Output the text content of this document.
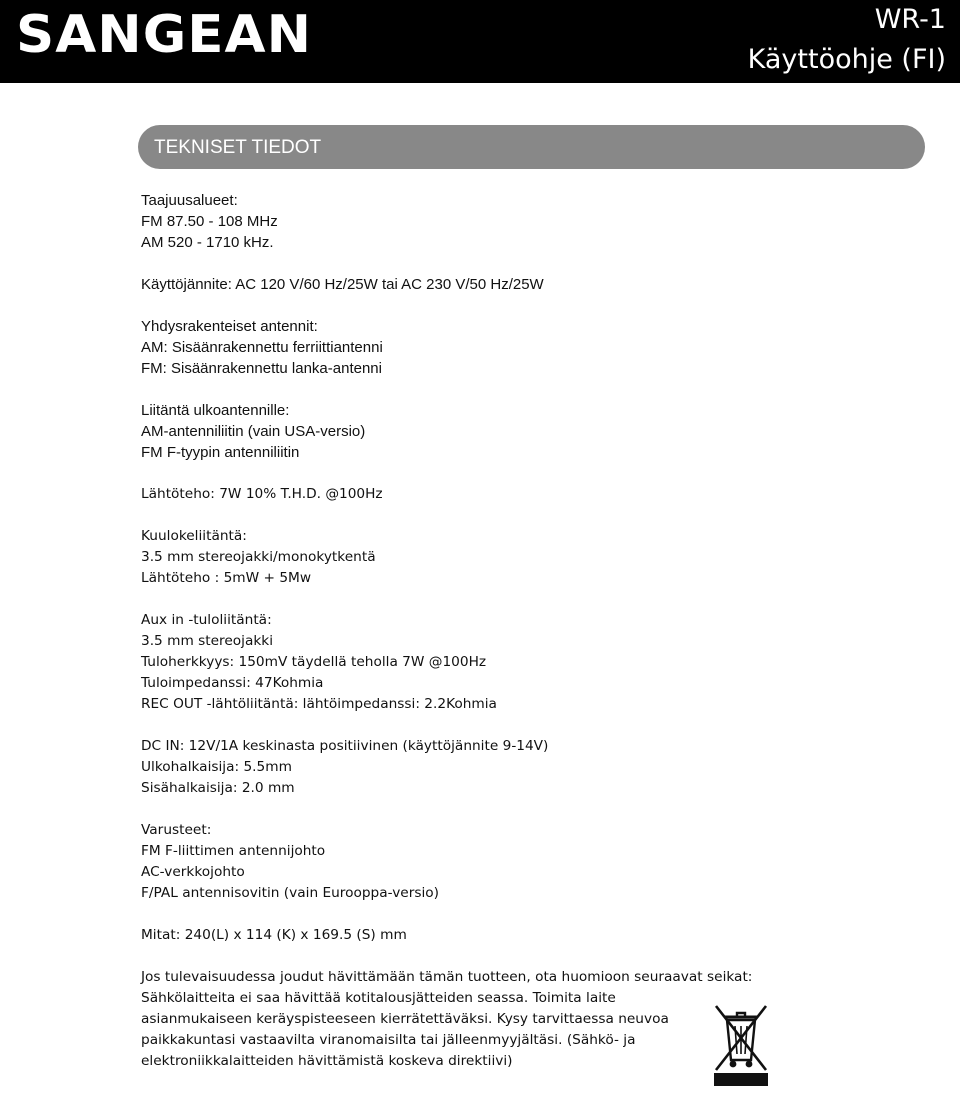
SANGEAN	WR-1
Käyttöohje (FI)
TEKNISET TIEDOT
Taajuusalueet:
FM 87.50 - 108 MHz
AM 520 - 1710 kHz.
Käyttöjännite: AC 120 V/60 Hz/25W tai AC 230 V/50 Hz/25W
Yhdysrakenteiset antennit:
AM: Sisäänrakennettu ferriittiantenni
FM: Sisäänrakennettu lanka-antenni
Liitäntä ulkoantennille:
AM-antenniliitin (vain USA-versio)
FM F-tyypin antenniliitin
Lähtöteho: 7W 10% T.H.D. @100Hz
Kuulokeliitäntä:
3.5 mm stereojakki/monokytkentä
Lähtöteho : 5mW + 5Mw
Aux in -tuloliitäntä:
3.5 mm stereojakki
Tuloherkkyys: 150mV täydellä teholla 7W @100Hz
Tuloimpedanssi: 47Kohmia
REC OUT -lähtöliitäntä: lähtöimpedanssi: 2.2Kohmia
DC IN: 12V/1A keskinasta positiivinen (käyttöjännite 9-14V)
Ulkohalkaisija: 5.5mm
Sisähalkaisija: 2.0 mm
Varusteet:
FM F-liittimen antennijohto
AC-verkkojohto
F/PAL antennisovitin (vain Eurooppa-versio)
Mitat: 240(L) x 114 (K) x 169.5 (S) mm
Jos tulevaisuudessa joudut hävittämään tämän tuotteen, ota huomioon seuraavat seikat:
Sähkölaitteita ei saa hävittää kotitalousjätteiden seassa. Toimita laite
asianmukaiseen keräyspisteeseen kierrätettäväksi. Kysy tarvittaessa neuvoa
paikkakuntasi vastaavilta viranomaisilta tai jälleenmyyjältäsi. (Sähkö- ja
elektroniikkalaitteiden hävittämistä koskeva direktiivi)
